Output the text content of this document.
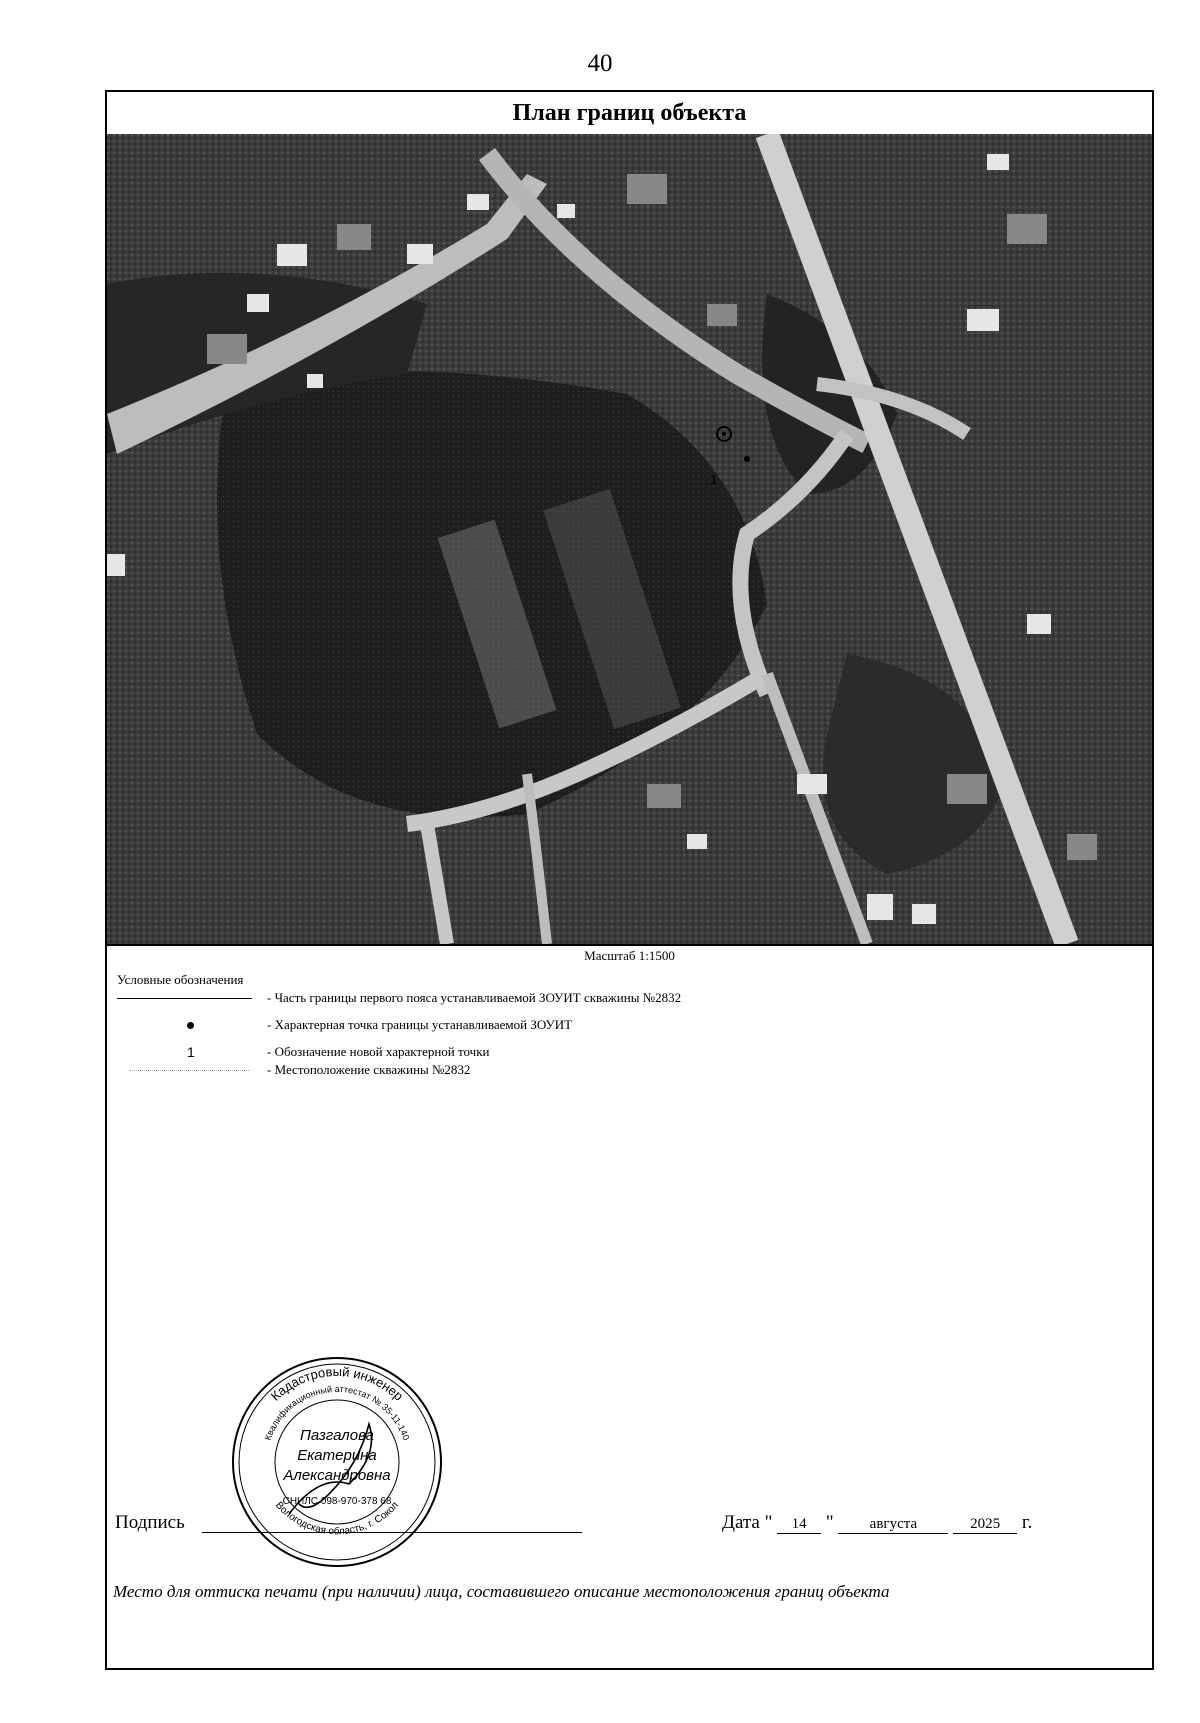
40
План границ объекта
1
Масштаб 1:1500
Условные обозначения
- Часть границы первого пояса устанавливаемой ЗОУИТ скважины №2832
- Характерная точка границы устанавливаемой ЗОУИТ
1	- Обозначение новой характерной точки
- Местоположение скважины №2832
Кадастровый инженер
Квалификационный аттестат № 35-11-140
Вологодская область, г. Сокол
Пазгалова
Екатерина
Александровна
СНИЛС 098-970-378 68
Подпись	Дата " 14 " августа	2025 г.
Место для оттиска печати (при наличии) лица, составившего описание местоположения границ объекта
